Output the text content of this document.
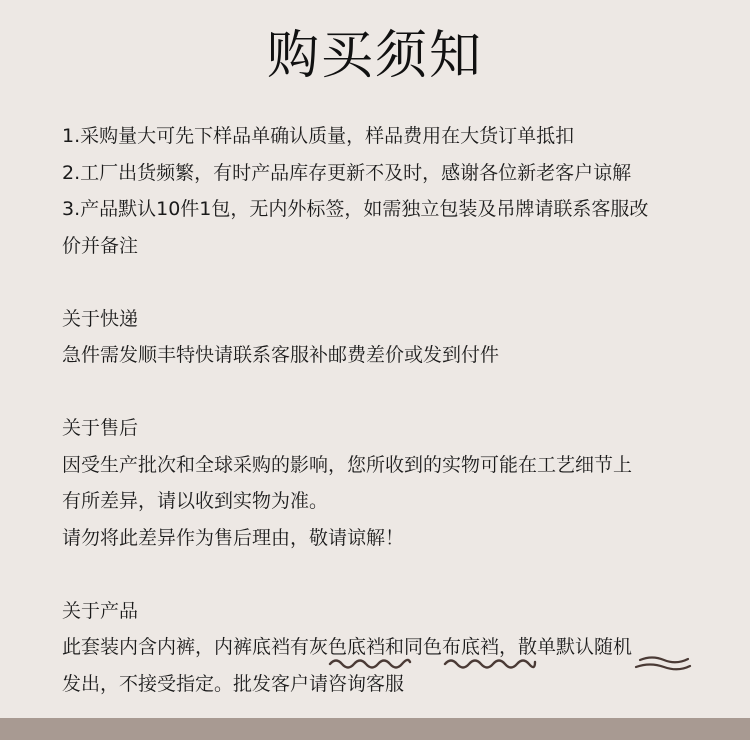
购买须知
1.采购量大可先下样品单确认质量，样品费用在大货订单抵扣
2.工厂出货频繁，有时产品库存更新不及时，感谢各位新老客户谅解
3.产品默认10件1包，无内外标签，如需独立包装及吊牌请联系客服改
价并备注
关于快递
急件需发顺丰特快请联系客服补邮费差价或发到付件
关于售后
因受生产批次和全球采购的影响，您所收到的实物可能在工艺细节上
有所差异，请以收到实物为准。
请勿将此差异作为售后理由，敬请谅解！
关于产品
此套装内含内裤，内裤底裆有灰色底裆和同色布底裆，散单默认随机
发出，不接受指定。批发客户请咨询客服
